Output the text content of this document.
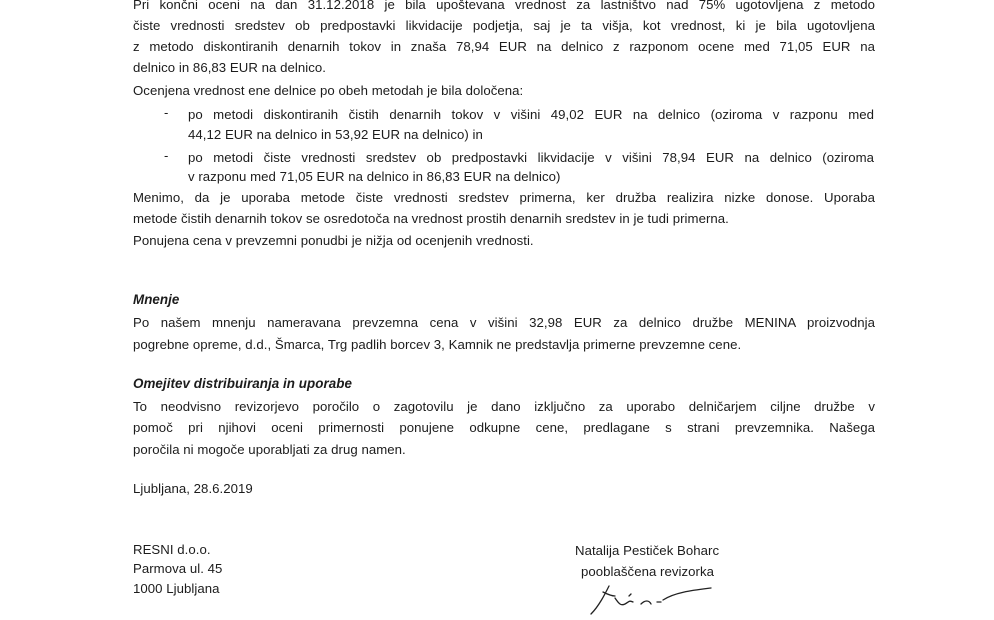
Pri končni oceni na dan 31.12.2018 je bila upoštevana vrednost za lastništvo nad 75% ugotovljena z metodo
čiste vrednosti sredstev ob predpostavki likvidacije podjetja, saj je ta višja, kot vrednost, ki je bila ugotovljena
z metodo diskontiranih denarnih tokov in znaša 78,94 EUR na delnico z razponom ocene med 71,05 EUR na
delnico in 86,83 EUR na delnico.
Ocenjena vrednost ene delnice po obeh metodah je bila določena:
- po metodi diskontiranih čistih denarnih tokov v višini 49,02 EUR na delnico (oziroma v razponu med
44,12 EUR na delnico in 53,92 EUR na delnico) in
- po metodi čiste vrednosti sredstev ob predpostavki likvidacije v višini 78,94 EUR na delnico (oziroma
v razponu med 71,05 EUR na delnico in 86,83 EUR na delnico)
Menimo, da je uporaba metode čiste vrednosti sredstev primerna, ker družba realizira nizke donose. Uporaba
metode čistih denarnih tokov se osredotoča na vrednost prostih denarnih sredstev in je tudi primerna.
Ponujena cena v prevzemni ponudbi je nižja od ocenjenih vrednosti.
Mnenje
Po našem mnenju nameravana prevzemna cena v višini 32,98 EUR za delnico družbe MENINA proizvodnja
pogrebne opreme, d.d., Šmarca, Trg padlih borcev 3, Kamnik ne predstavlja primerne prevzemne cene.
Omejitev distribuiranja in uporabe
To neodvisno revizorjevo poročilo o zagotovilu je dano izključno za uporabo delničarjem ciljne družbe v
pomoč pri njihovi oceni primernosti ponujene odkupne cene, predlagane s strani prevzemnika. Našega
poročila ni mogoče uporabljati za drug namen.
Ljubljana, 28.6.2019
RESNI d.o.o.
Parmova ul. 45
1000 Ljubljana
Natalija Pestiček Boharc
pooblaščena revizorka
